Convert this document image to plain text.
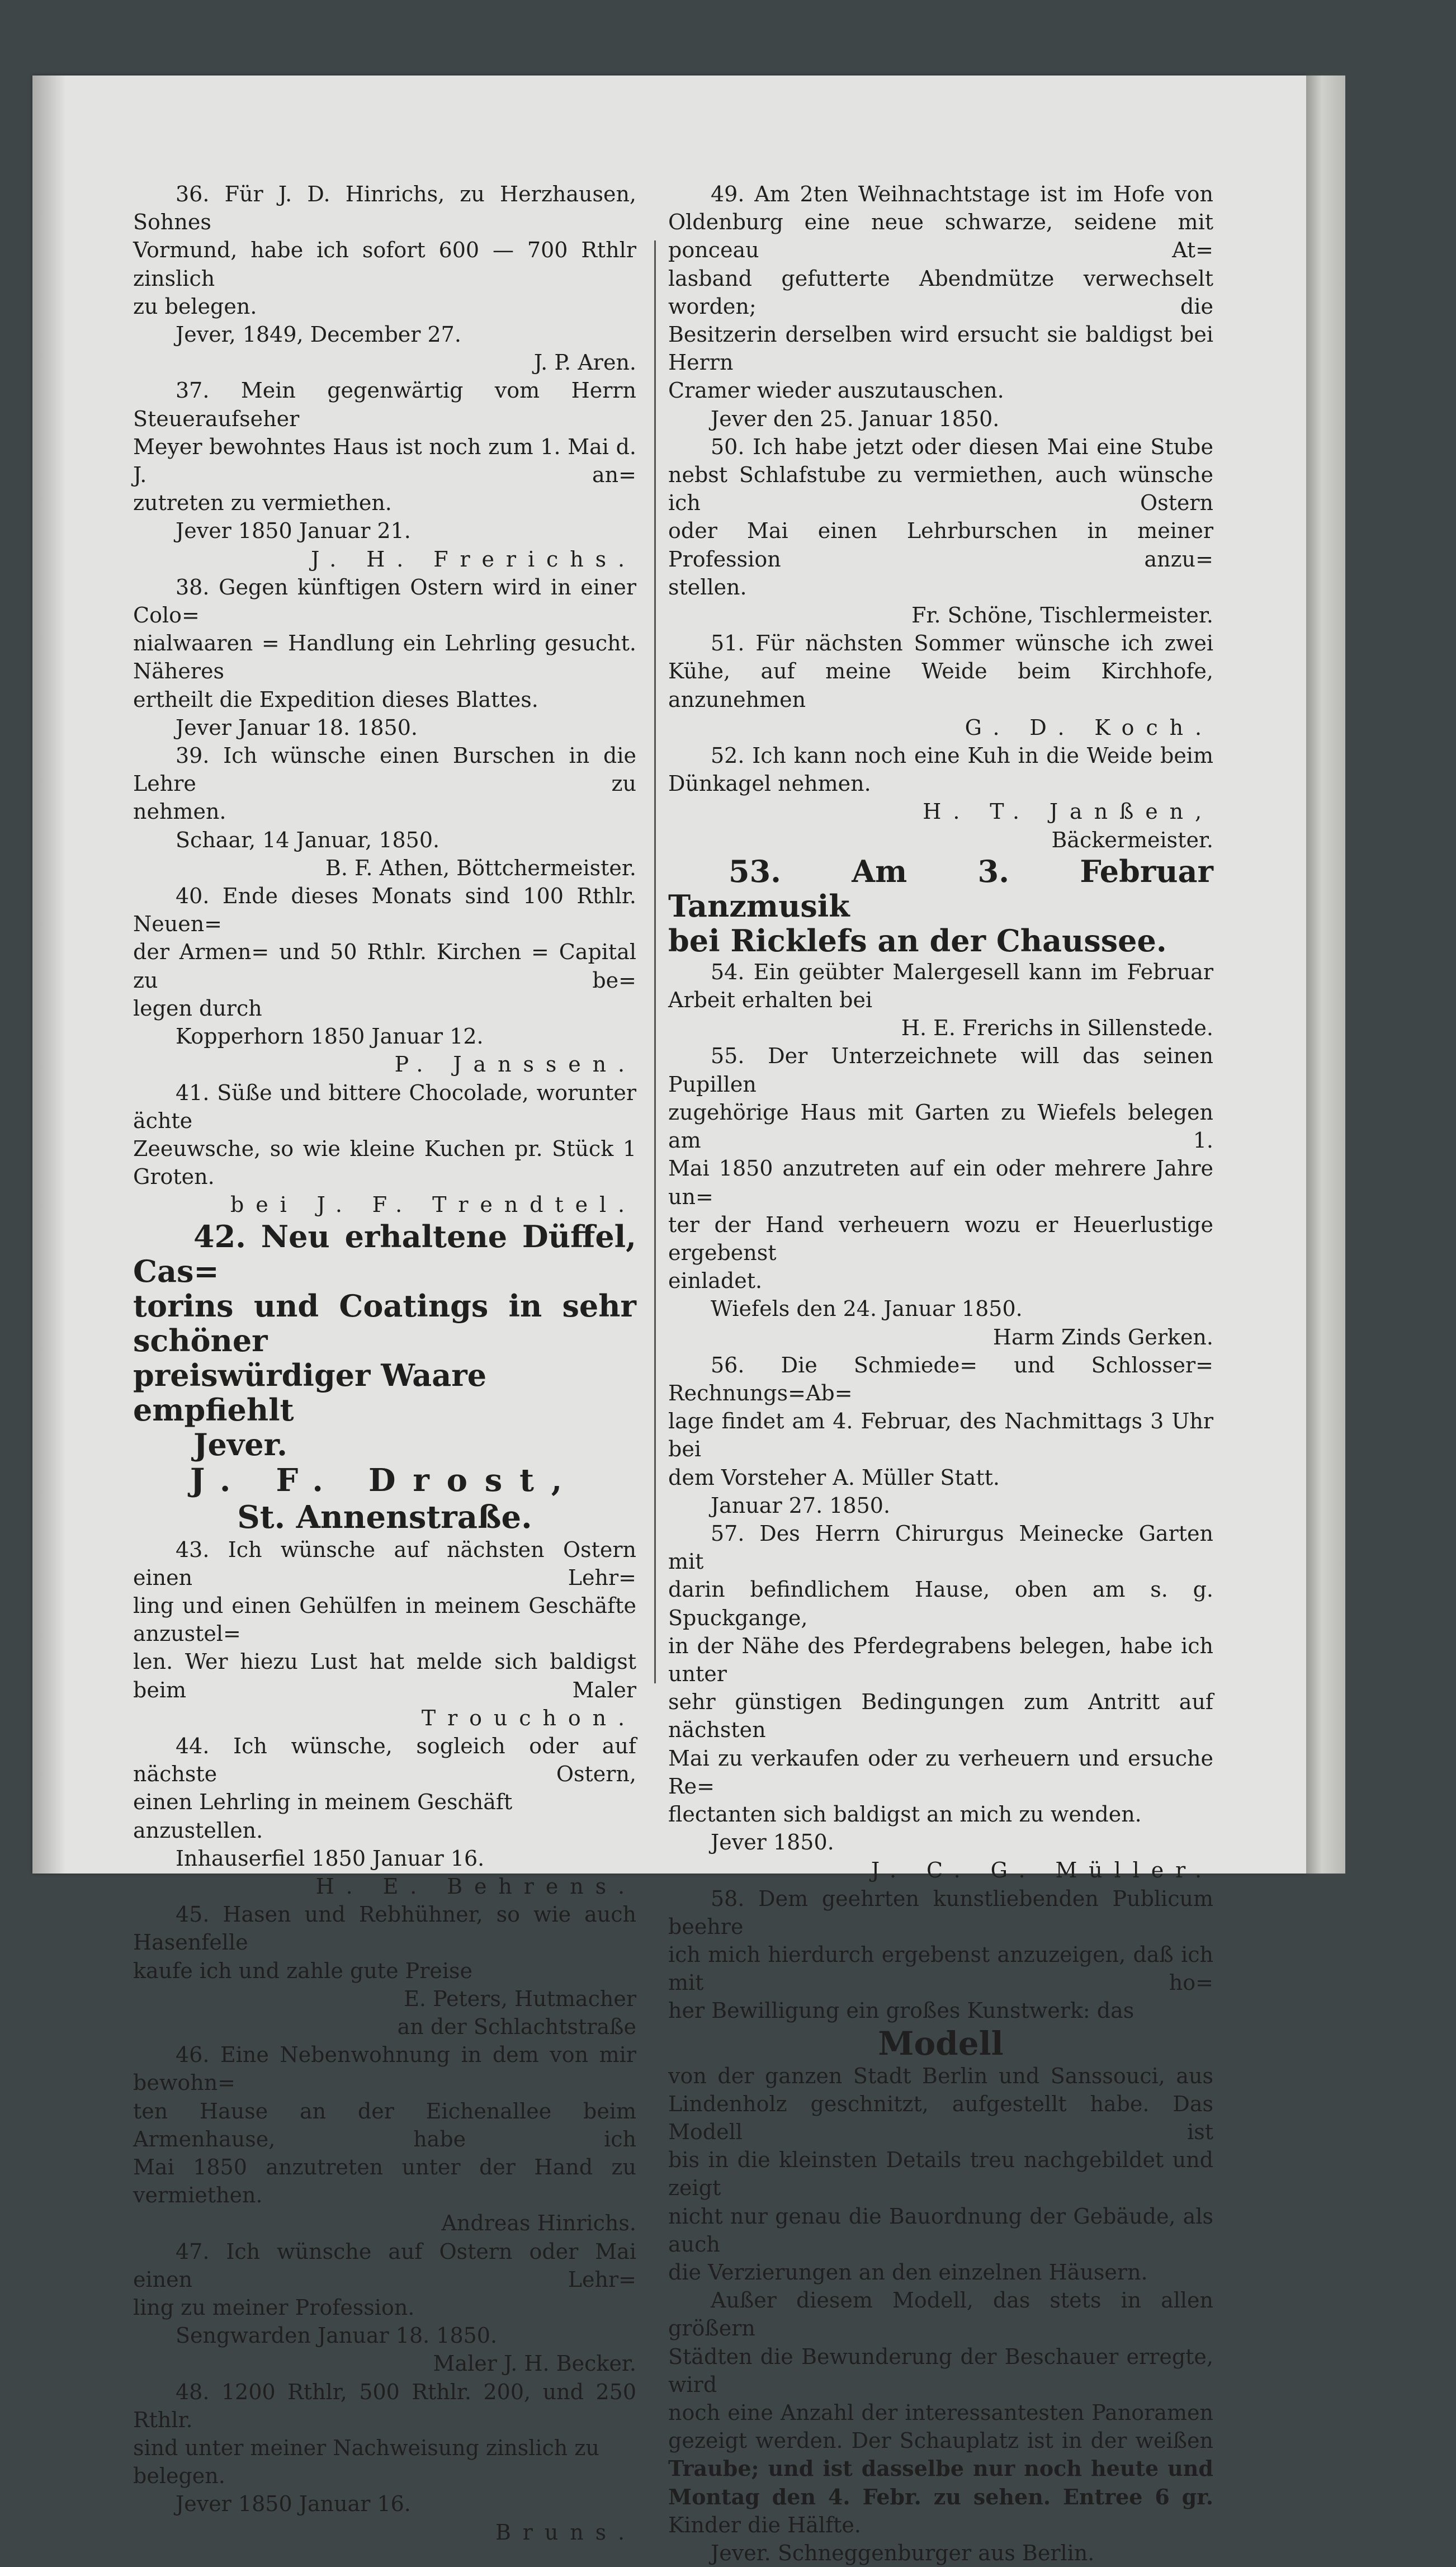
36. Für J. D. Hinrichs, zu Herzhausen, Sohnes

Vormund, habe ich sofort 600 — 700 Rthlr zinslich

zu belegen.

Jever, 1849, December 27.

J. P. Aren.

37. Mein gegenwärtig vom Herrn Steueraufseher

Meyer bewohntes Haus ist noch zum 1. Mai d. J. an=

zutreten zu vermiethen.

Jever 1850 Januar 21.

J. H. Frerichs.

38. Gegen künftigen Ostern wird in einer Colo=

nialwaaren = Handlung ein Lehrling gesucht. Näheres

ertheilt die Expedition dieses Blattes.

Jever Januar 18. 1850.

39. Ich wünsche einen Burschen in die Lehre zu

nehmen.

Schaar, 14 Januar, 1850.

B. F. Athen, Böttchermeister.

40. Ende dieses Monats sind 100 Rthlr. Neuen=

der Armen= und 50 Rthlr. Kirchen = Capital zu be=

legen durch

Kopperhorn 1850 Januar 12.

P. Janssen.

41. Süße und bittere Chocolade, worunter ächte

Zeeuwsche, so wie kleine Kuchen pr. Stück 1 Groten.

bei J. F. Trendtel.

42. Neu erhaltene Düffel, Cas=

torins und Coatings in sehr schöner

preiswürdiger Waare empfiehlt

Jever.

J. F. Drost,

St. Annenstraße.

43. Ich wünsche auf nächsten Ostern einen Lehr=

ling und einen Gehülfen in meinem Geschäfte anzustel=

len. Wer hiezu Lust hat melde sich baldigst beim Maler

Trouchon.

44. Ich wünsche, sogleich oder auf nächste Ostern,

einen Lehrling in meinem Geschäft anzustellen.

Inhauserfiel 1850 Januar 16.

H. E. Behrens.

45. Hasen und Rebhühner, so wie auch Hasenfelle

kaufe ich und zahle gute Preise

E. Peters, Hutmacher

an der Schlachtstraße

46. Eine Nebenwohnung in dem von mir bewohn=

ten Hause an der Eichenallee beim Armenhause, habe ich

Mai 1850 anzutreten unter der Hand zu vermiethen.

Andreas Hinrichs.

47. Ich wünsche auf Ostern oder Mai einen Lehr=

ling zu meiner Profession.

Sengwarden Januar 18. 1850.

Maler J. H. Becker.

48. 1200 Rthlr, 500 Rthlr. 200, und 250 Rthlr.

sind unter meiner Nachweisung zinslich zu belegen.

Jever 1850 Januar 16.

Bruns.

49. Am 2ten Weihnachtstage ist im Hofe von

Oldenburg eine neue schwarze, seidene mit ponceau At=

lasband gefutterte Abendmütze verwechselt worden; die

Besitzerin derselben wird ersucht sie baldigst bei Herrn

Cramer wieder auszutauschen.

Jever den 25. Januar 1850.

50. Ich habe jetzt oder diesen Mai eine Stube

nebst Schlafstube zu vermiethen, auch wünsche ich Ostern

oder Mai einen Lehrburschen in meiner Profession anzu=

stellen.

Fr. Schöne, Tischlermeister.

51. Für nächsten Sommer wünsche ich zwei

Kühe, auf meine Weide beim Kirchhofe, anzunehmen

G. D. Koch.

52. Ich kann noch eine Kuh in die Weide beim

Dünkagel nehmen.

H. T. Janßen,

Bäckermeister.

53. Am 3. Februar Tanzmusik

bei Ricklefs an der Chaussee.

54. Ein geübter Malergesell kann im Februar

Arbeit erhalten bei

H. E. Frerichs in Sillenstede.

55. Der Unterzeichnete will das seinen Pupillen

zugehörige Haus mit Garten zu Wiefels belegen am 1.

Mai 1850 anzutreten auf ein oder mehrere Jahre un=

ter der Hand verheuern wozu er Heuerlustige ergebenst

einladet.

Wiefels den 24. Januar 1850.

Harm Zinds Gerken.

56. Die Schmiede= und Schlosser= Rechnungs=Ab=

lage findet am 4. Februar, des Nachmittags 3 Uhr bei

dem Vorsteher A. Müller Statt.

Januar 27. 1850.

57. Des Herrn Chirurgus Meinecke Garten mit

darin befindlichem Hause, oben am s. g. Spuckgange,

in der Nähe des Pferdegrabens belegen, habe ich unter

sehr günstigen Bedingungen zum Antritt auf nächsten

Mai zu verkaufen oder zu verheuern und ersuche Re=

flectanten sich baldigst an mich zu wenden.

Jever 1850.

J. C. G. Müller.

58. Dem geehrten kunstliebenden Publicum beehre

ich mich hierdurch ergebenst anzuzeigen, daß ich mit ho=

her Bewilligung ein großes Kunstwerk: das

Modell

von der ganzen Stadt Berlin und Sanssouci, aus

Lindenholz geschnitzt, aufgestellt habe. Das Modell ist

bis in die kleinsten Details treu nachgebildet und zeigt

nicht nur genau die Bauordnung der Gebäude, als auch

die Verzierungen an den einzelnen Häusern.

Außer diesem Modell, das stets in allen größern

Städten die Bewunderung der Beschauer erregte, wird

noch eine Anzahl der interessantesten Panoramen

gezeigt werden. Der Schauplatz ist in der weißen

Traube; und ist dasselbe nur noch heute und

Montag den 4. Febr. zu sehen. Entree 6 gr.

Kinder die Hälfte.

Jever. Schneggenburger aus Berlin.
